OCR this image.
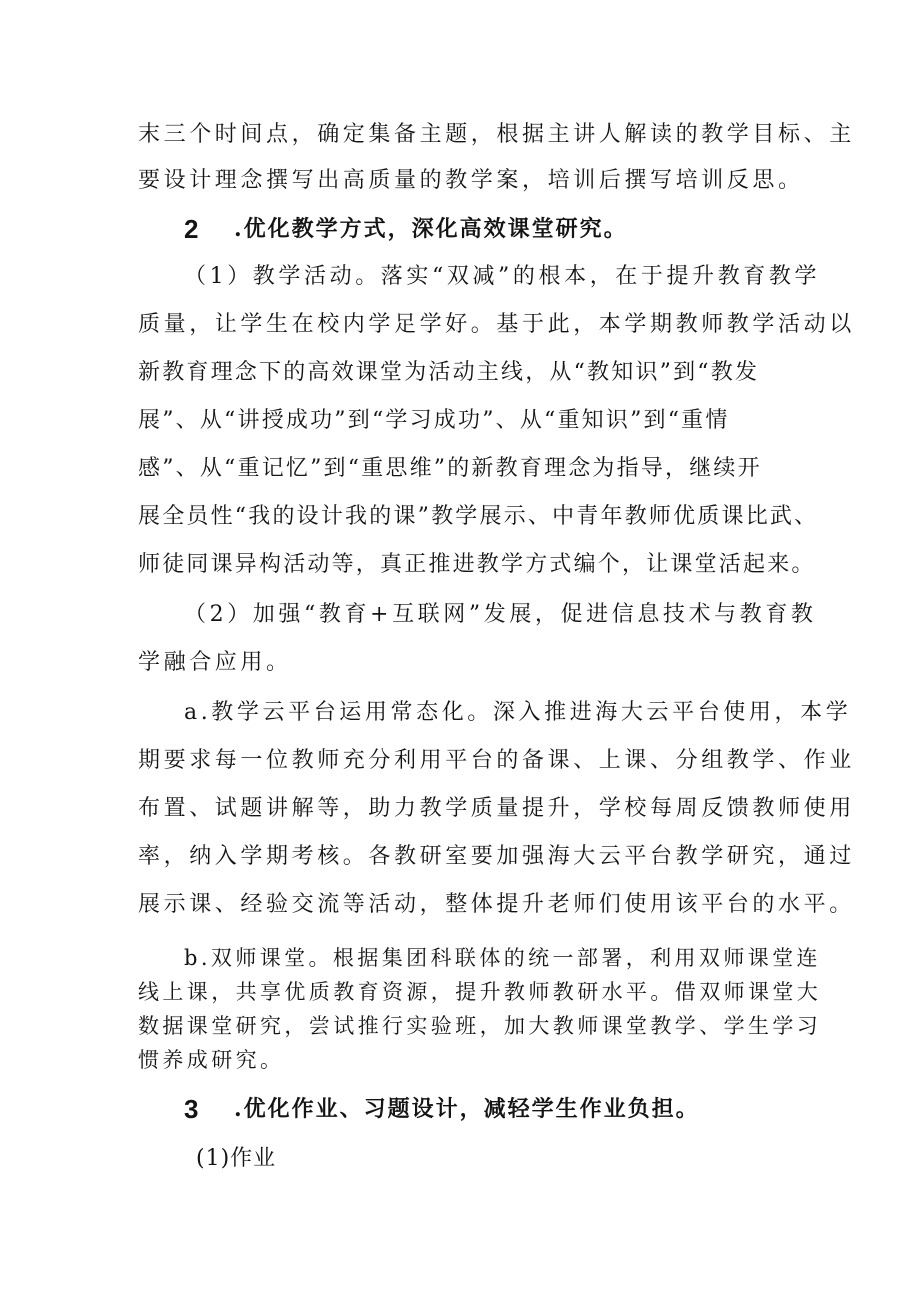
末三个时间点，确定集备主题，根据主讲人解读的教学目标、主
要设计理念撰写出高质量的教学案，培训后撰写培训反思。
2 .优化教学方式，深化高效课堂研究。
（1）教学活动。落实“双减”的根本，在于提升教育教学
质量，让学生在校内学足学好。基于此，本学期教师教学活动以
新教育理念下的高效课堂为活动主线，从“教知识”到“教发
展”、从“讲授成功”到“学习成功”、从“重知识”到“重情
感”、从“重记忆”到“重思维”的新教育理念为指导，继续开
展全员性“我的设计我的课”教学展示、中青年教师优质课比武、
师徒同课异构活动等，真正推进教学方式编个，让课堂活起来。
（2）加强“教育+互联网”发展，促进信息技术与教育教
学融合应用。
a.教学云平台运用常态化。深入推进海大云平台使用，本学
期要求每一位教师充分利用平台的备课、上课、分组教学、作业
布置、试题讲解等，助力教学质量提升，学校每周反馈教师使用
率，纳入学期考核。各教研室要加强海大云平台教学研究，通过
展示课、经验交流等活动，整体提升老师们使用该平台的水平。
b.双师课堂。根据集团科联体的统一部署，利用双师课堂连
线上课，共享优质教育资源，提升教师教研水平。借双师课堂大
数据课堂研究，尝试推行实验班，加大教师课堂教学、学生学习
惯养成研究。
3 .优化作业、习题设计，减轻学生作业负担。
(1)作业
